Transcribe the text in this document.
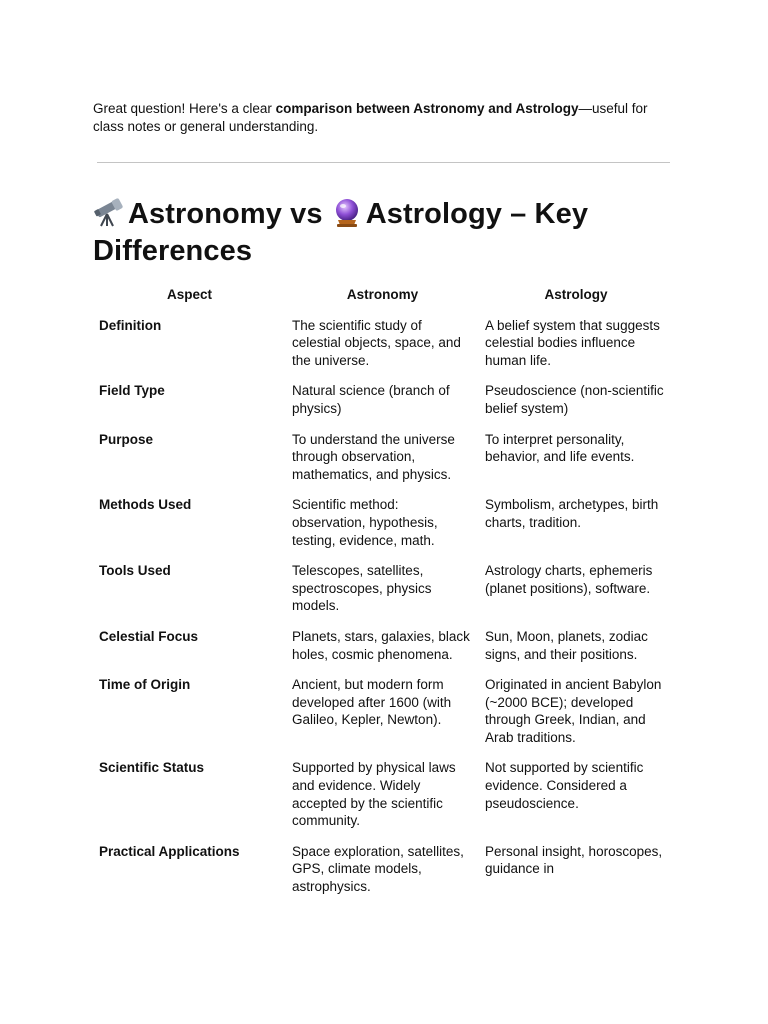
Great question! Here's a clear comparison between Astronomy and Astrology—useful for class notes or general understanding.

Astronomy vs Astrology – Key Differences
Aspect	Astronomy	Astrology
Definition	The scientific study of celestial objects, space, and the universe.	A belief system that suggests celestial bodies influence human life.
Field Type	Natural science (branch of physics)	Pseudoscience (non-scientific belief system)
Purpose	To understand the universe through observation, mathematics, and physics.	To interpret personality, behavior, and life events.
Methods Used	Scientific method: observation, hypothesis, testing, evidence, math.	Symbolism, archetypes, birth charts, tradition.
Tools Used	Telescopes, satellites, spectroscopes, physics models.	Astrology charts, ephemeris (planet positions), software.
Celestial Focus	Planets, stars, galaxies, black holes, cosmic phenomena.	Sun, Moon, planets, zodiac signs, and their positions.
Time of Origin	Ancient, but modern form developed after 1600 (with Galileo, Kepler, Newton).	Originated in ancient Babylon (~2000 BCE); developed through Greek, Indian, and Arab traditions.
Scientific Status	Supported by physical laws and evidence. Widely accepted by the scientific community.	Not supported by scientific evidence. Considered a pseudoscience.
Practical Applications	Space exploration, satellites, GPS, climate models, astrophysics.	Personal insight, horoscopes, guidance in
